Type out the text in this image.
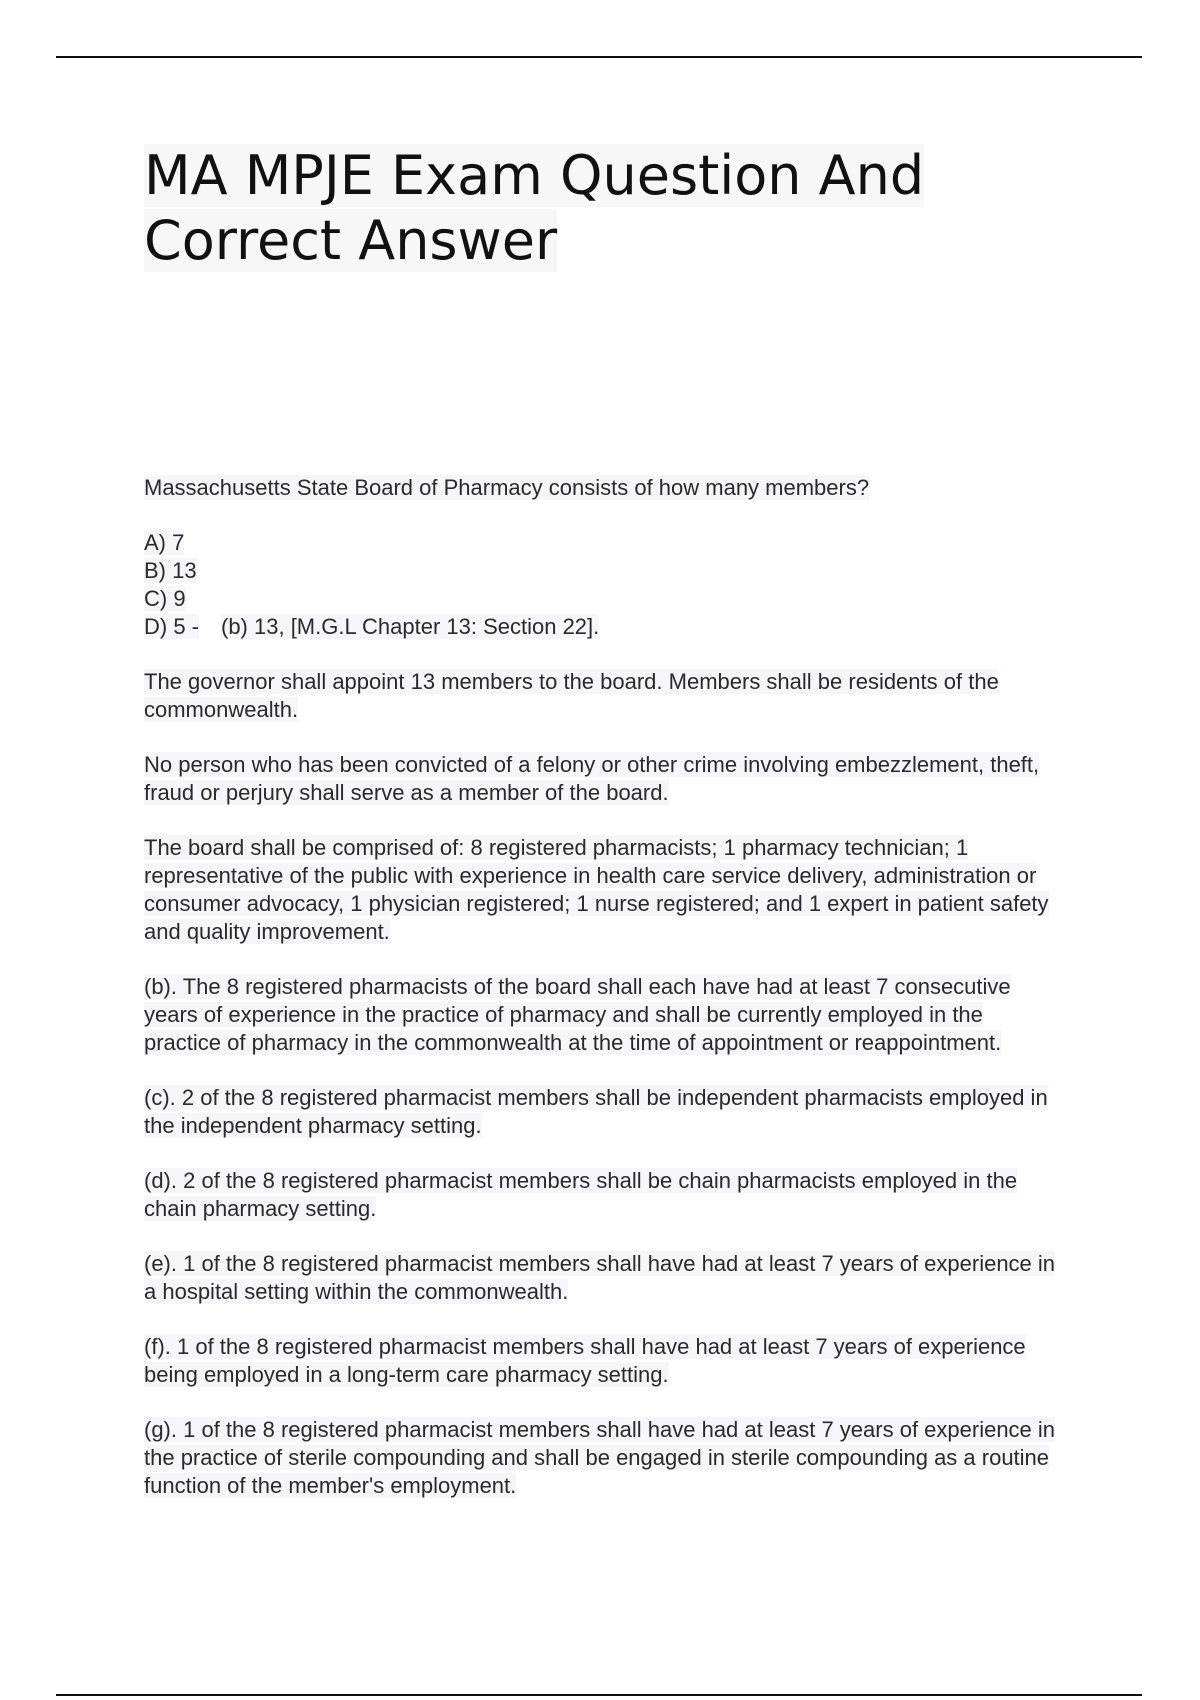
MA MPJE Exam Question And
Correct Answer

Massachusetts State Board of Pharmacy consists of how many members?

A) 7
B) 13
C) 9
D) 5 - (b) 13, [M.G.L Chapter 13: Section 22].

The governor shall appoint 13 members to the board. Members shall be residents of the commonwealth.

No person who has been convicted of a felony or other crime involving embezzlement, theft, fraud or perjury shall serve as a member of the board.

The board shall be comprised of: 8 registered pharmacists; 1 pharmacy technician; 1 representative of the public with experience in health care service delivery, administration or consumer advocacy, 1 physician registered; 1 nurse registered; and 1 expert in patient safety and quality improvement.

(b). The 8 registered pharmacists of the board shall each have had at least 7 consecutive years of experience in the practice of pharmacy and shall be currently employed in the practice of pharmacy in the commonwealth at the time of appointment or reappointment.

(c). 2 of the 8 registered pharmacist members shall be independent pharmacists employed in the independent pharmacy setting.

(d). 2 of the 8 registered pharmacist members shall be chain pharmacists employed in the chain pharmacy setting.

(e). 1 of the 8 registered pharmacist members shall have had at least 7 years of experience in a hospital setting within the commonwealth.

(f). 1 of the 8 registered pharmacist members shall have had at least 7 years of experience being employed in a long-term care pharmacy setting.

(g). 1 of the 8 registered pharmacist members shall have had at least 7 years of experience in the practice of sterile compounding and shall be engaged in sterile compounding as a routine function of the member's employment.
